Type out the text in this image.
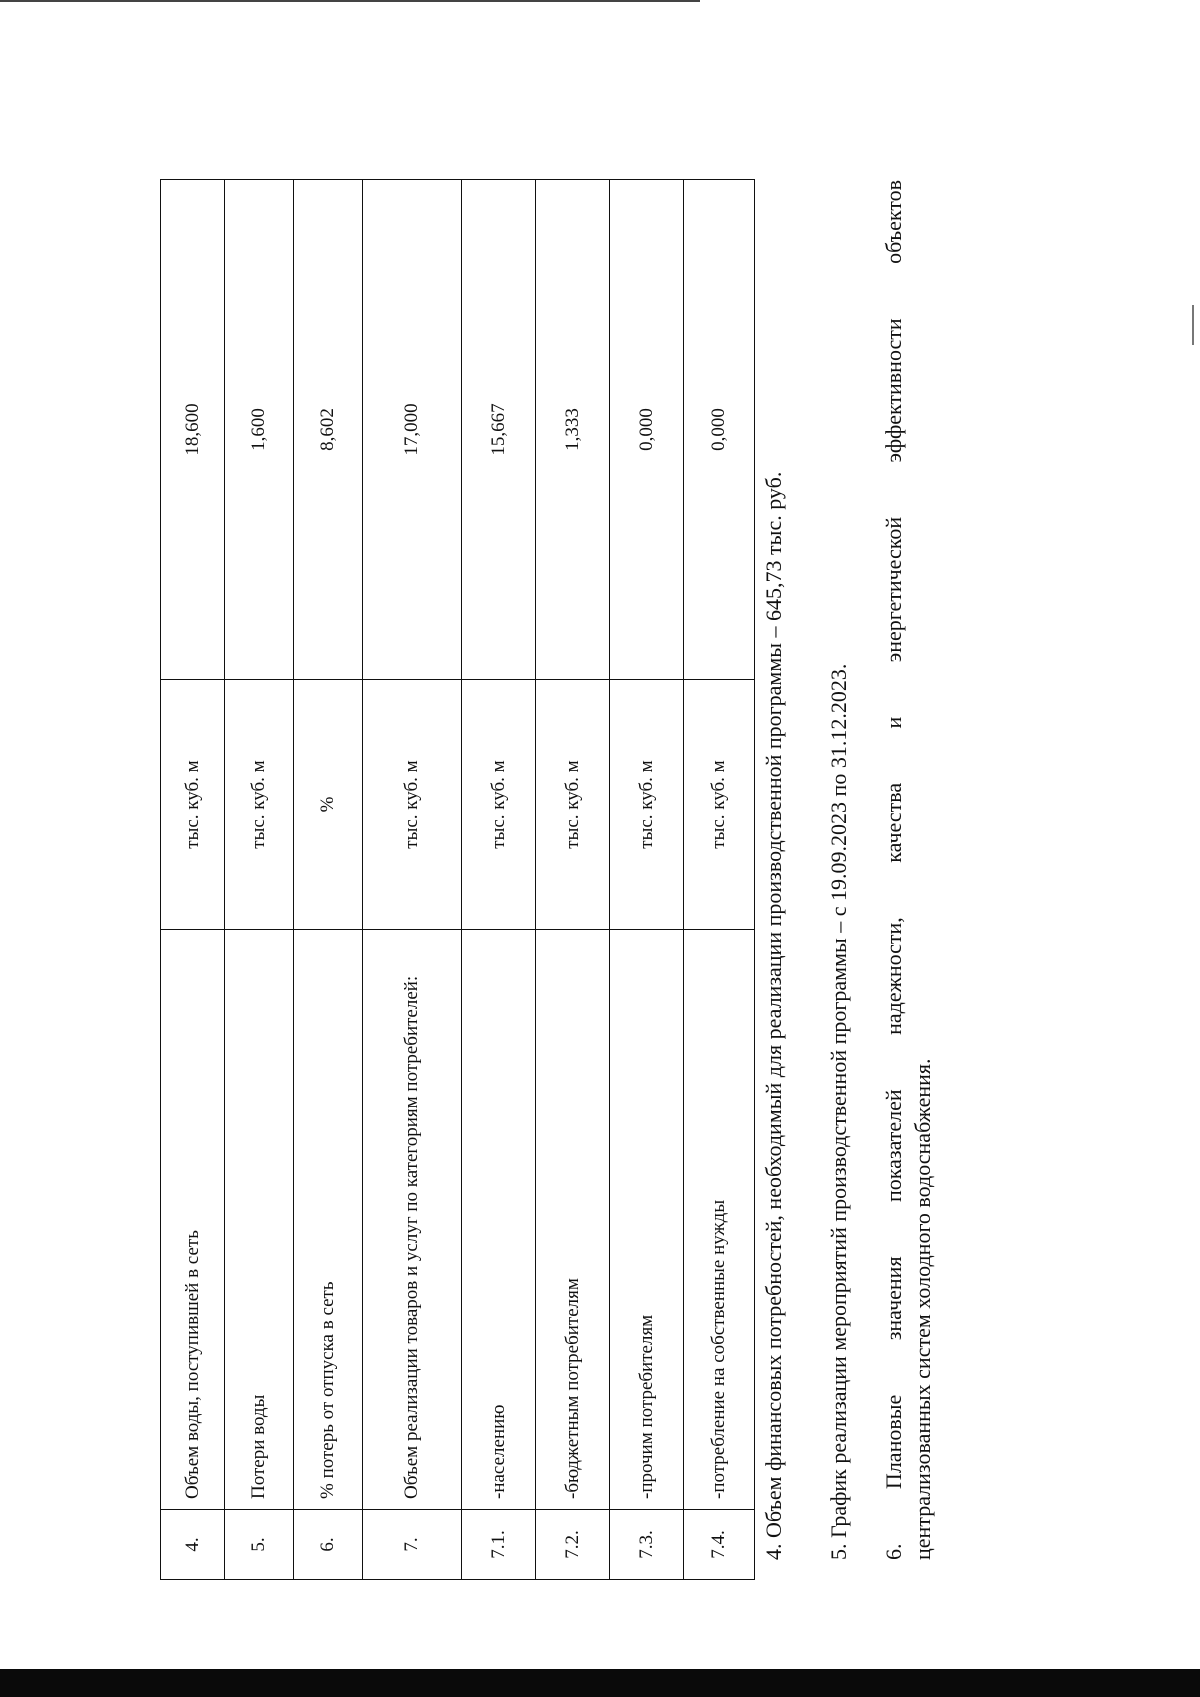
4.	Объем воды, поступившей в сеть	тыс. куб. м	18,600
5.	Потери воды	тыс. куб. м	1,600
6.	% потерь от отпуска в сеть	%	8,602
7.	Объем реализации товаров и услуг по категориям потребителей:	тыс. куб. м	17,000
7.1.	-населению	тыс. куб. м	15,667
7.2.	-бюджетным потребителям	тыс. куб. м	1,333
7.3.	-прочим потребителям	тыс. куб. м	0,000
7.4.	-потребление на собственные нужды	тыс. куб. м	0,000
4. Объем финансовых потребностей, необходимый для реализации производственной программы – 645,73 тыс. руб. 5. График реализации мероприятий производственной программы – с 19.09.2023 по 31.12.2023. 6.
Плановые
значения
показателей
надежности,
качества
и
энергетической
эффективности
объектов
централизованных систем холодного водоснабжения.
